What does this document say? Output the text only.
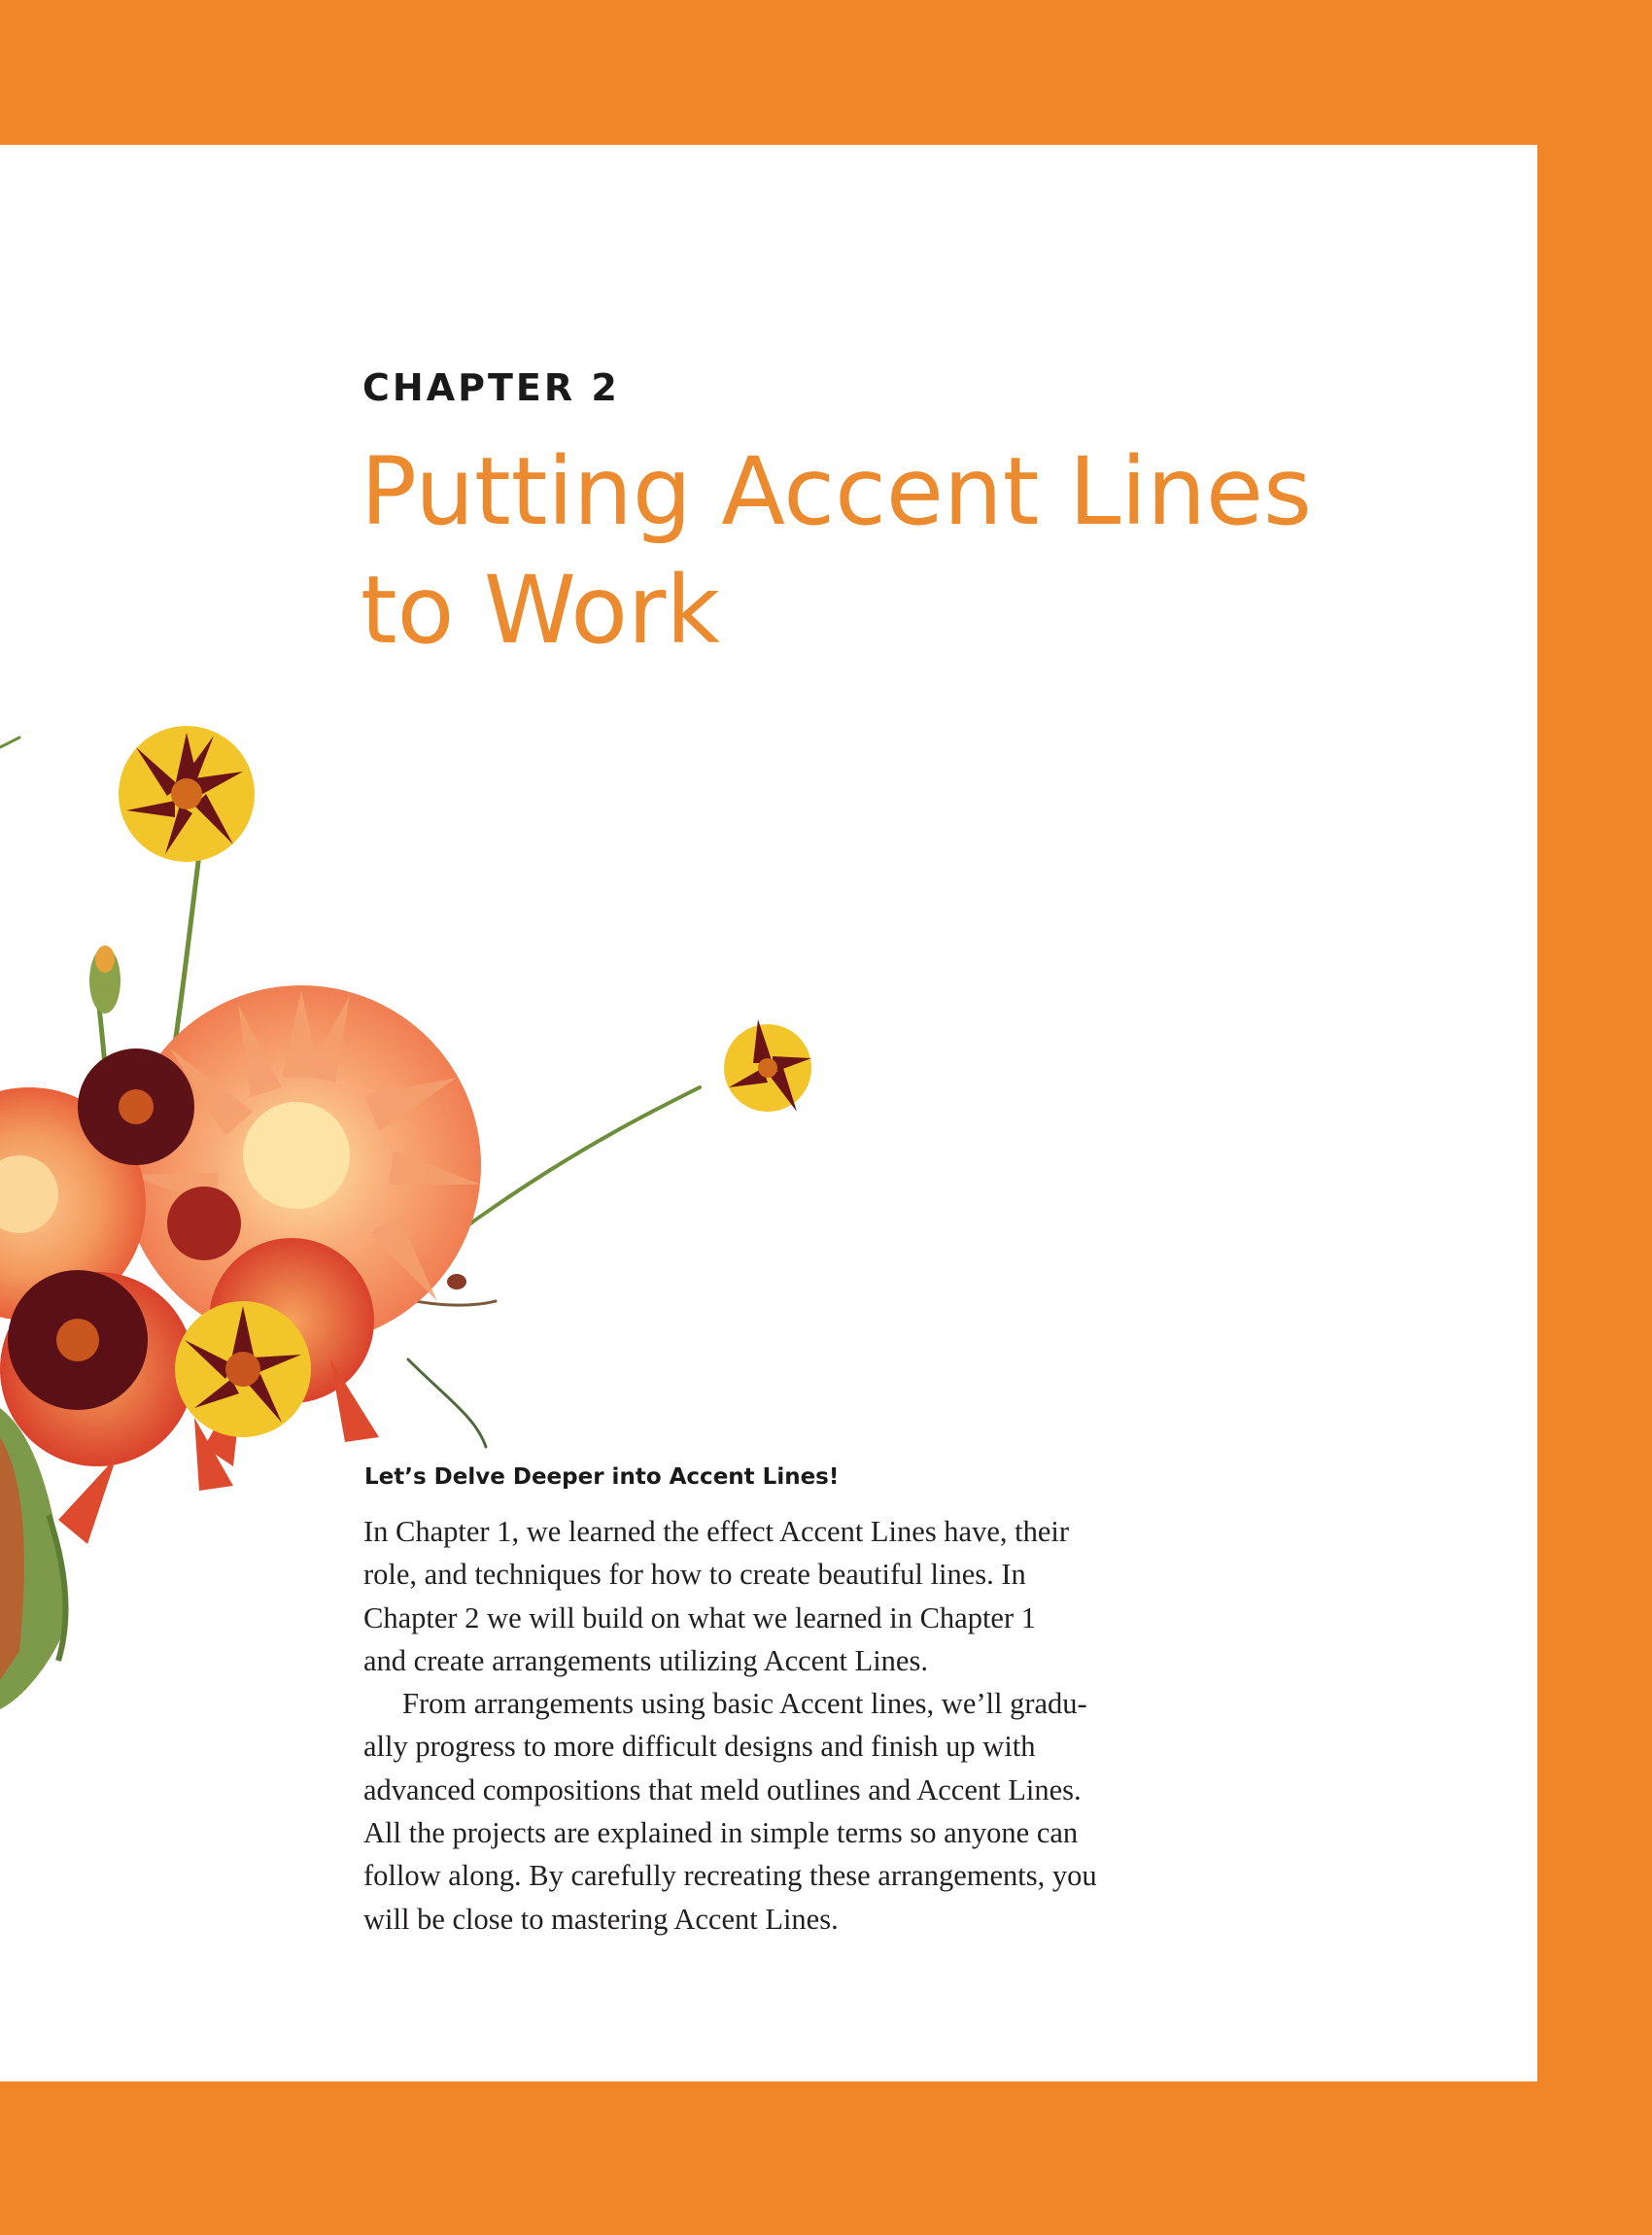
CHAPTER 2
Putting Accent Lines
to Work
Let’s Delve Deeper into Accent Lines!
In Chapter 1, we learned the effect Accent Lines have, their
role, and techniques for how to create beautiful lines. In
Chapter 2 we will build on what we learned in Chapter 1
and create arrangements utilizing Accent Lines.
From arrangements using basic Accent lines, we’ll gradu-
ally progress to more difficult designs and finish up with
advanced compositions that meld outlines and Accent Lines.
All the projects are explained in simple terms so anyone can
follow along. By carefully recreating these arrangements, you
will be close to mastering Accent Lines.
